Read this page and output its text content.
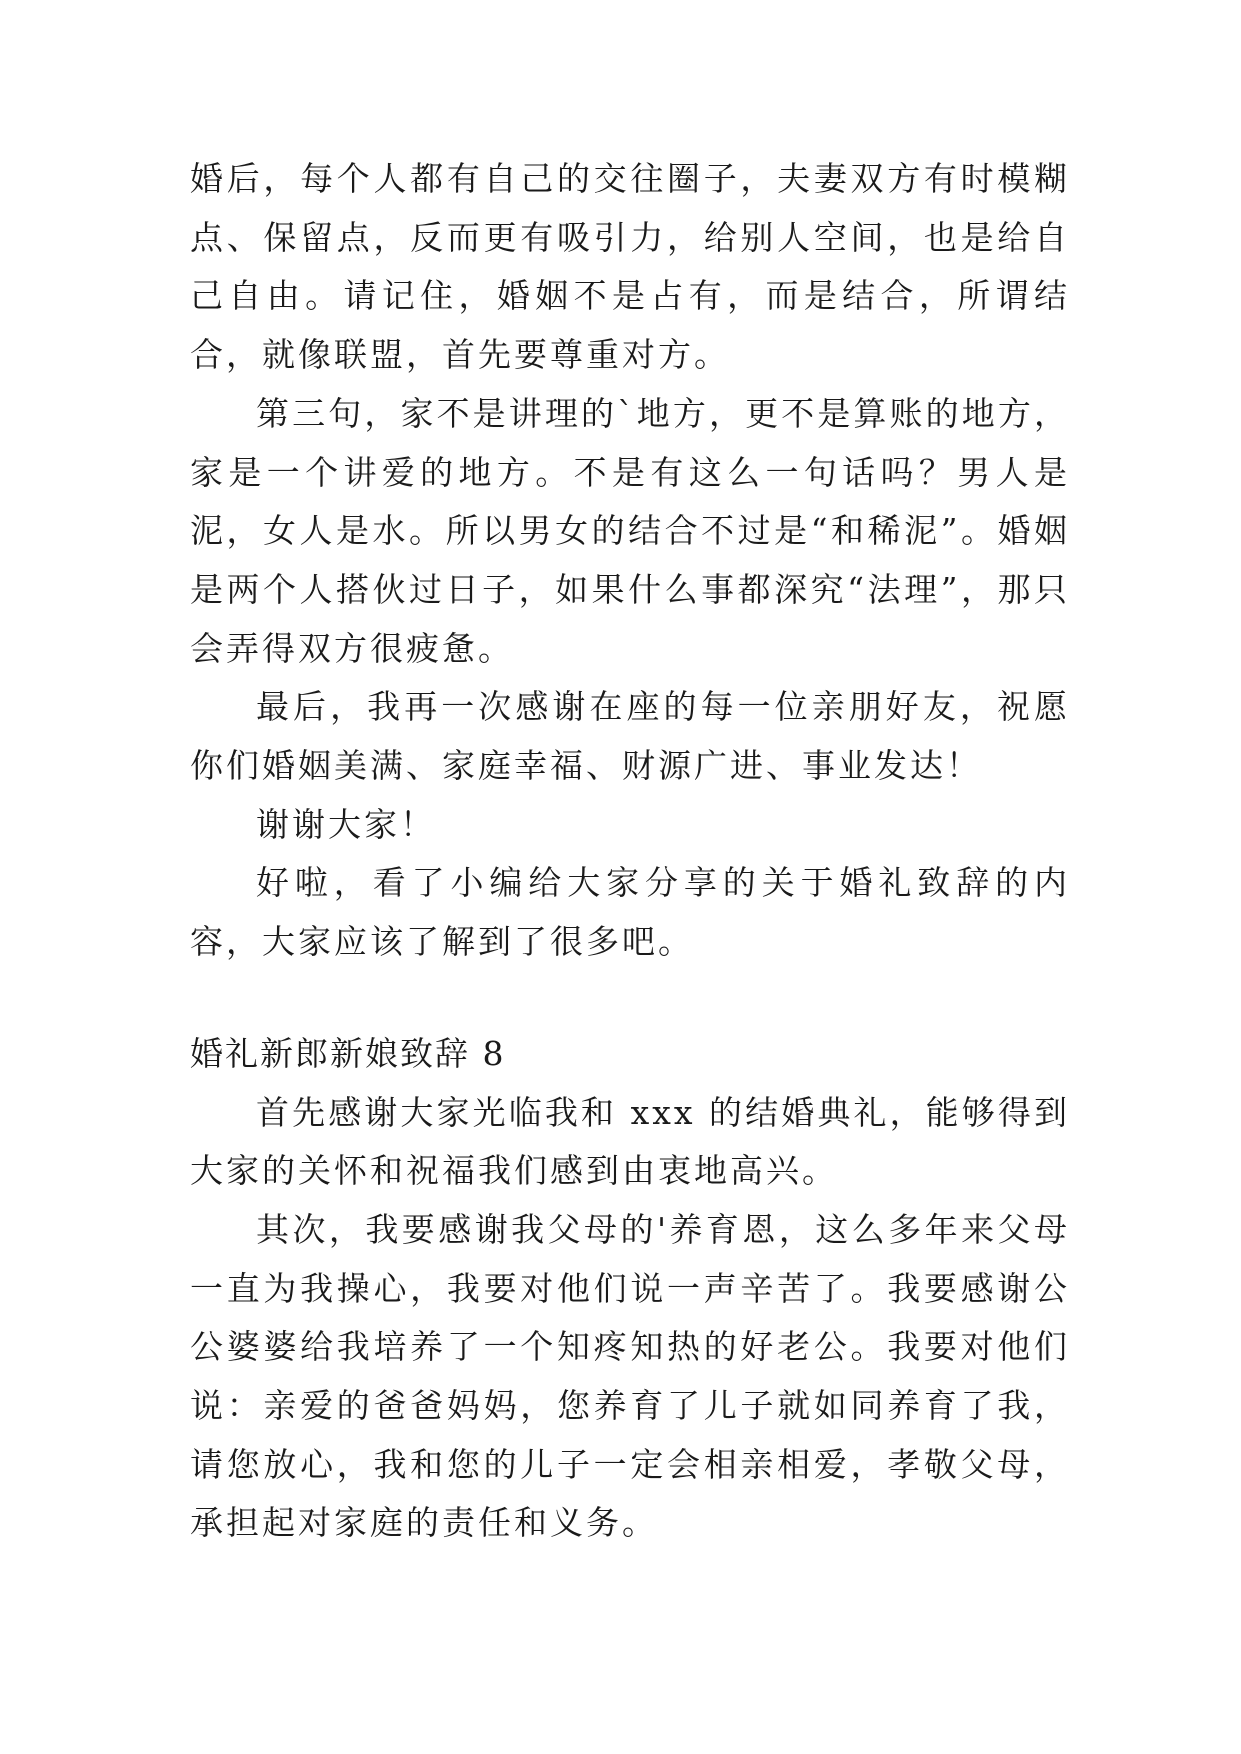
婚后，每个人都有自己的交往圈子，夫妻双方有时模糊点、保留点，反而更有吸引力，给别人空间，也是给自己自由。请记住，婚姻不是占有，而是结合，所谓结合，就像联盟，首先要尊重对方。

第三句，家不是讲理的`地方，更不是算账的地方，家是一个讲爱的地方。不是有这么一句话吗？男人是泥，女人是水。所以男女的结合不过是“和稀泥”。婚姻是两个人搭伙过日子，如果什么事都深究“法理”，那只会弄得双方很疲惫。

最后，我再一次感谢在座的每一位亲朋好友，祝愿你们婚姻美满、家庭幸福、财源广进、事业发达！

谢谢大家！

好啦，看了小编给大家分享的关于婚礼致辞的内容，大家应该了解到了很多吧。

婚礼新郎新娘致辞 8

首先感谢大家光临我和 xxx 的结婚典礼，能够得到大家的关怀和祝福我们感到由衷地高兴。

其次，我要感谢我父母的'养育恩，这么多年来父母一直为我操心，我要对他们说一声辛苦了。我要感谢公公婆婆给我培养了一个知疼知热的好老公。我要对他们说：亲爱的爸爸妈妈，您养育了儿子就如同养育了我，请您放心，我和您的儿子一定会相亲相爱，孝敬父母，承担起对家庭的责任和义务。
